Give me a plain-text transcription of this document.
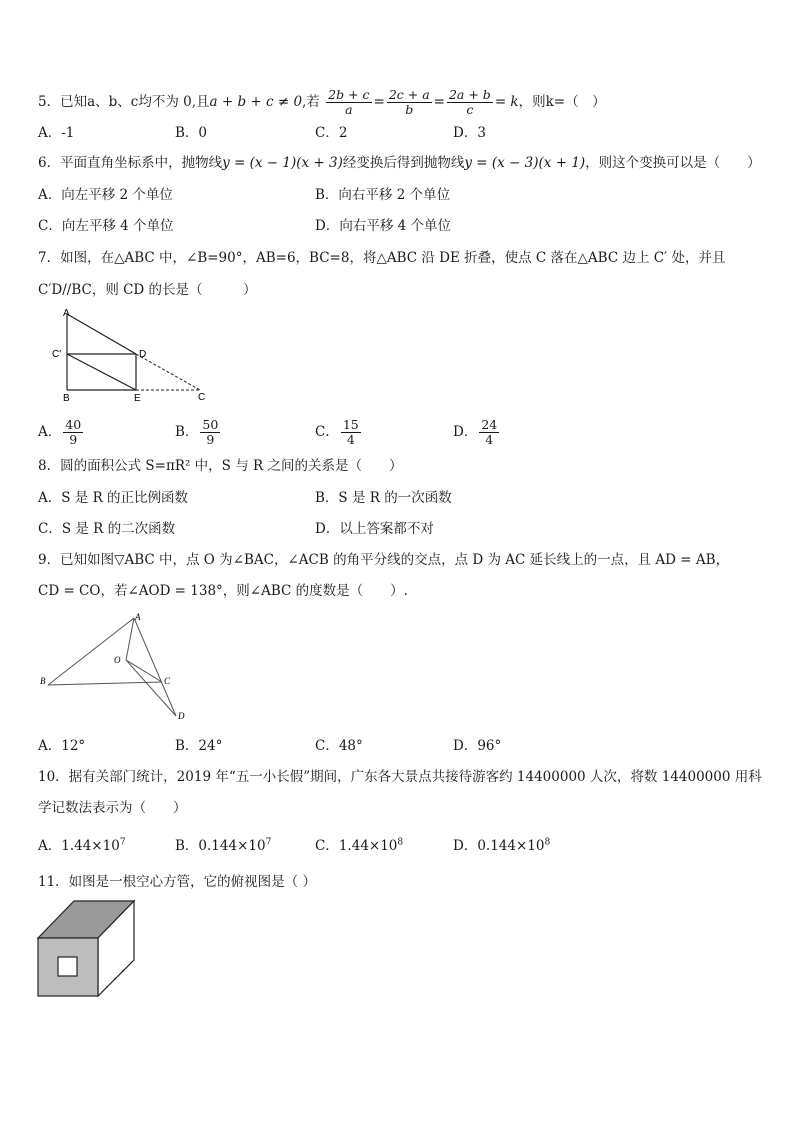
5．已知a、b、c均不为 0,且a + b + c ≠ 0,若 $\frac{2b + c}{a} = \frac{2c + a}{b} = \frac{2a + b}{c} = k$，则k=（　）
A．-1	B．0	C．2	D．3
6．平面直角坐标系中，抛物线y = (x − 1)(x + 3)经变换后得到抛物线y = (x − 3)(x + 1)，则这个变换可以是（　　）
A．向左平移 2 个单位	B．向右平移 2 个单位
C．向左平移 4 个单位	D．向右平移 4 个单位
7．如图，在△ABC 中，∠B=90°，AB=6，BC=8，将△ABC 沿 DE 折叠，使点 C 落在△ABC 边上 C′ 处，并且
C′D//BC，则 CD 的长是（　　　）
A
C'	D
B	E	C
A． $\frac{40}{9}$	B． $\frac{50}{9}$	C． $\frac{15}{4}$	D． $\frac{24}{4}$
8．圆的面积公式 S=πR² 中，S 与 R 之间的关系是（　　）
A．S 是 R 的正比例函数	B．S 是 R 的一次函数
C．S 是 R 的二次函数	D．以上答案都不对
9．已知如图▽ABC 中，点 O 为∠BAC，∠ACB 的角平分线的交点，点 D 为 AC 延长线上的一点，且 AD = AB，
CD = CO，若∠AOD = 138°，则∠ABC 的度数是（　　）.
A
O
B	C
D
A．12°	B．24°	C．48°	D．96°
10．据有关部门统计，2019 年“五一小长假”期间，广东各大景点共接待游客约 14400000 人次，将数 14400000 用科
学记数法表示为（　　）
A．$1.44\times 10^7$	B．$0.144\times 10^7$	C．$1.44\times 10^8$	D．$0.144\times 10^8$
11．如图是一根空心方管，它的俯视图是（ ）
